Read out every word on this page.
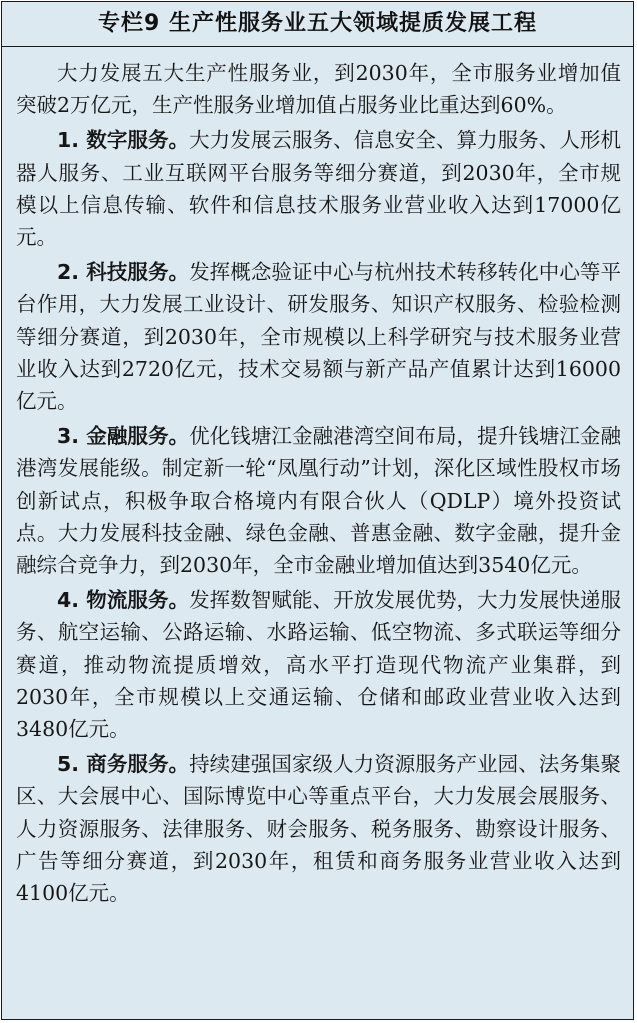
专栏9 生产性服务业五大领域提质发展工程

大力发展五大生产性服务业，到2030年，全市服务业增加值突破2万亿元，生产性服务业增加值占服务业比重达到60%。

1. 数字服务。大力发展云服务、信息安全、算力服务、人形机器人服务、工业互联网平台服务等细分赛道，到2030年，全市规模以上信息传输、软件和信息技术服务业营业收入达到17000亿元。

2. 科技服务。发挥概念验证中心与杭州技术转移转化中心等平台作用，大力发展工业设计、研发服务、知识产权服务、检验检测等细分赛道，到2030年，全市规模以上科学研究与技术服务业营业收入达到2720亿元，技术交易额与新产品产值累计达到16000亿元。

3. 金融服务。优化钱塘江金融港湾空间布局，提升钱塘江金融港湾发展能级。制定新一轮“凤凰行动”计划，深化区域性股权市场创新试点，积极争取合格境内有限合伙人（QDLP）境外投资试点。大力发展科技金融、绿色金融、普惠金融、数字金融，提升金融综合竞争力，到2030年，全市金融业增加值达到3540亿元。

4. 物流服务。发挥数智赋能、开放发展优势，大力发展快递服务、航空运输、公路运输、水路运输、低空物流、多式联运等细分赛道，推动物流提质增效，高水平打造现代物流产业集群，到2030年，全市规模以上交通运输、仓储和邮政业营业收入达到3480亿元。

5. 商务服务。持续建强国家级人力资源服务产业园、法务集聚区、大会展中心、国际博览中心等重点平台，大力发展会展服务、人力资源服务、法律服务、财会服务、税务服务、勘察设计服务、广告等细分赛道，到2030年，租赁和商务服务业营业收入达到4100亿元。
